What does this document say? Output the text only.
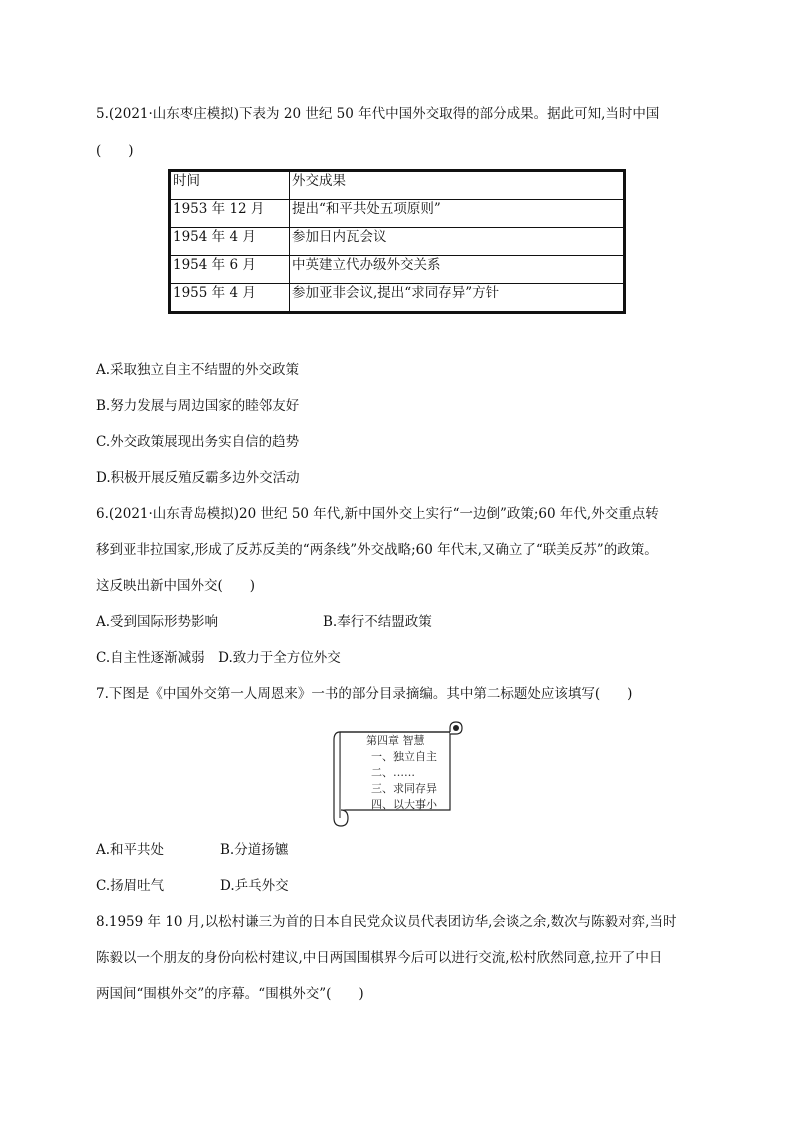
5.(2021·山东枣庄模拟)下表为 20 世纪 50 年代中国外交取得的部分成果。据此可知,当时中国
(　　)
时间	外交成果
1953 年 12 月	提出“和平共处五项原则”
1954 年 4 月	参加日内瓦会议
1954 年 6 月	中英建立代办级外交关系
1955 年 4 月	参加亚非会议,提出“求同存异”方针
A.采取独立自主不结盟的外交政策
B.努力发展与周边国家的睦邻友好
C.外交政策展现出务实自信的趋势
D.积极开展反殖反霸多边外交活动
6.(2021·山东青岛模拟)20 世纪 50 年代,新中国外交上实行“一边倒”政策;60 年代,外交重点转
移到亚非拉国家,形成了反苏反美的“两条线”外交战略;60 年代末,又确立了“联美反苏”的政策。
这反映出新中国外交(　　)
A.受到国际形势影响	B.奉行不结盟政策
C.自主性逐渐减弱　D.致力于全方位外交
7.下图是《中国外交第一人周恩来》一书的部分目录摘编。其中第二标题处应该填写(　　)
第四章 智慧
一、独立自主
二、……
三、求同存异
四、以大事小
A.和平共处	B.分道扬镳
C.扬眉吐气	D.乒乓外交
8.1959 年 10 月,以松村谦三为首的日本自民党众议员代表团访华,会谈之余,数次与陈毅对弈,当时
陈毅以一个朋友的身份向松村建议,中日两国围棋界今后可以进行交流,松村欣然同意,拉开了中日
两国间“围棋外交”的序幕。“围棋外交”(　　)
